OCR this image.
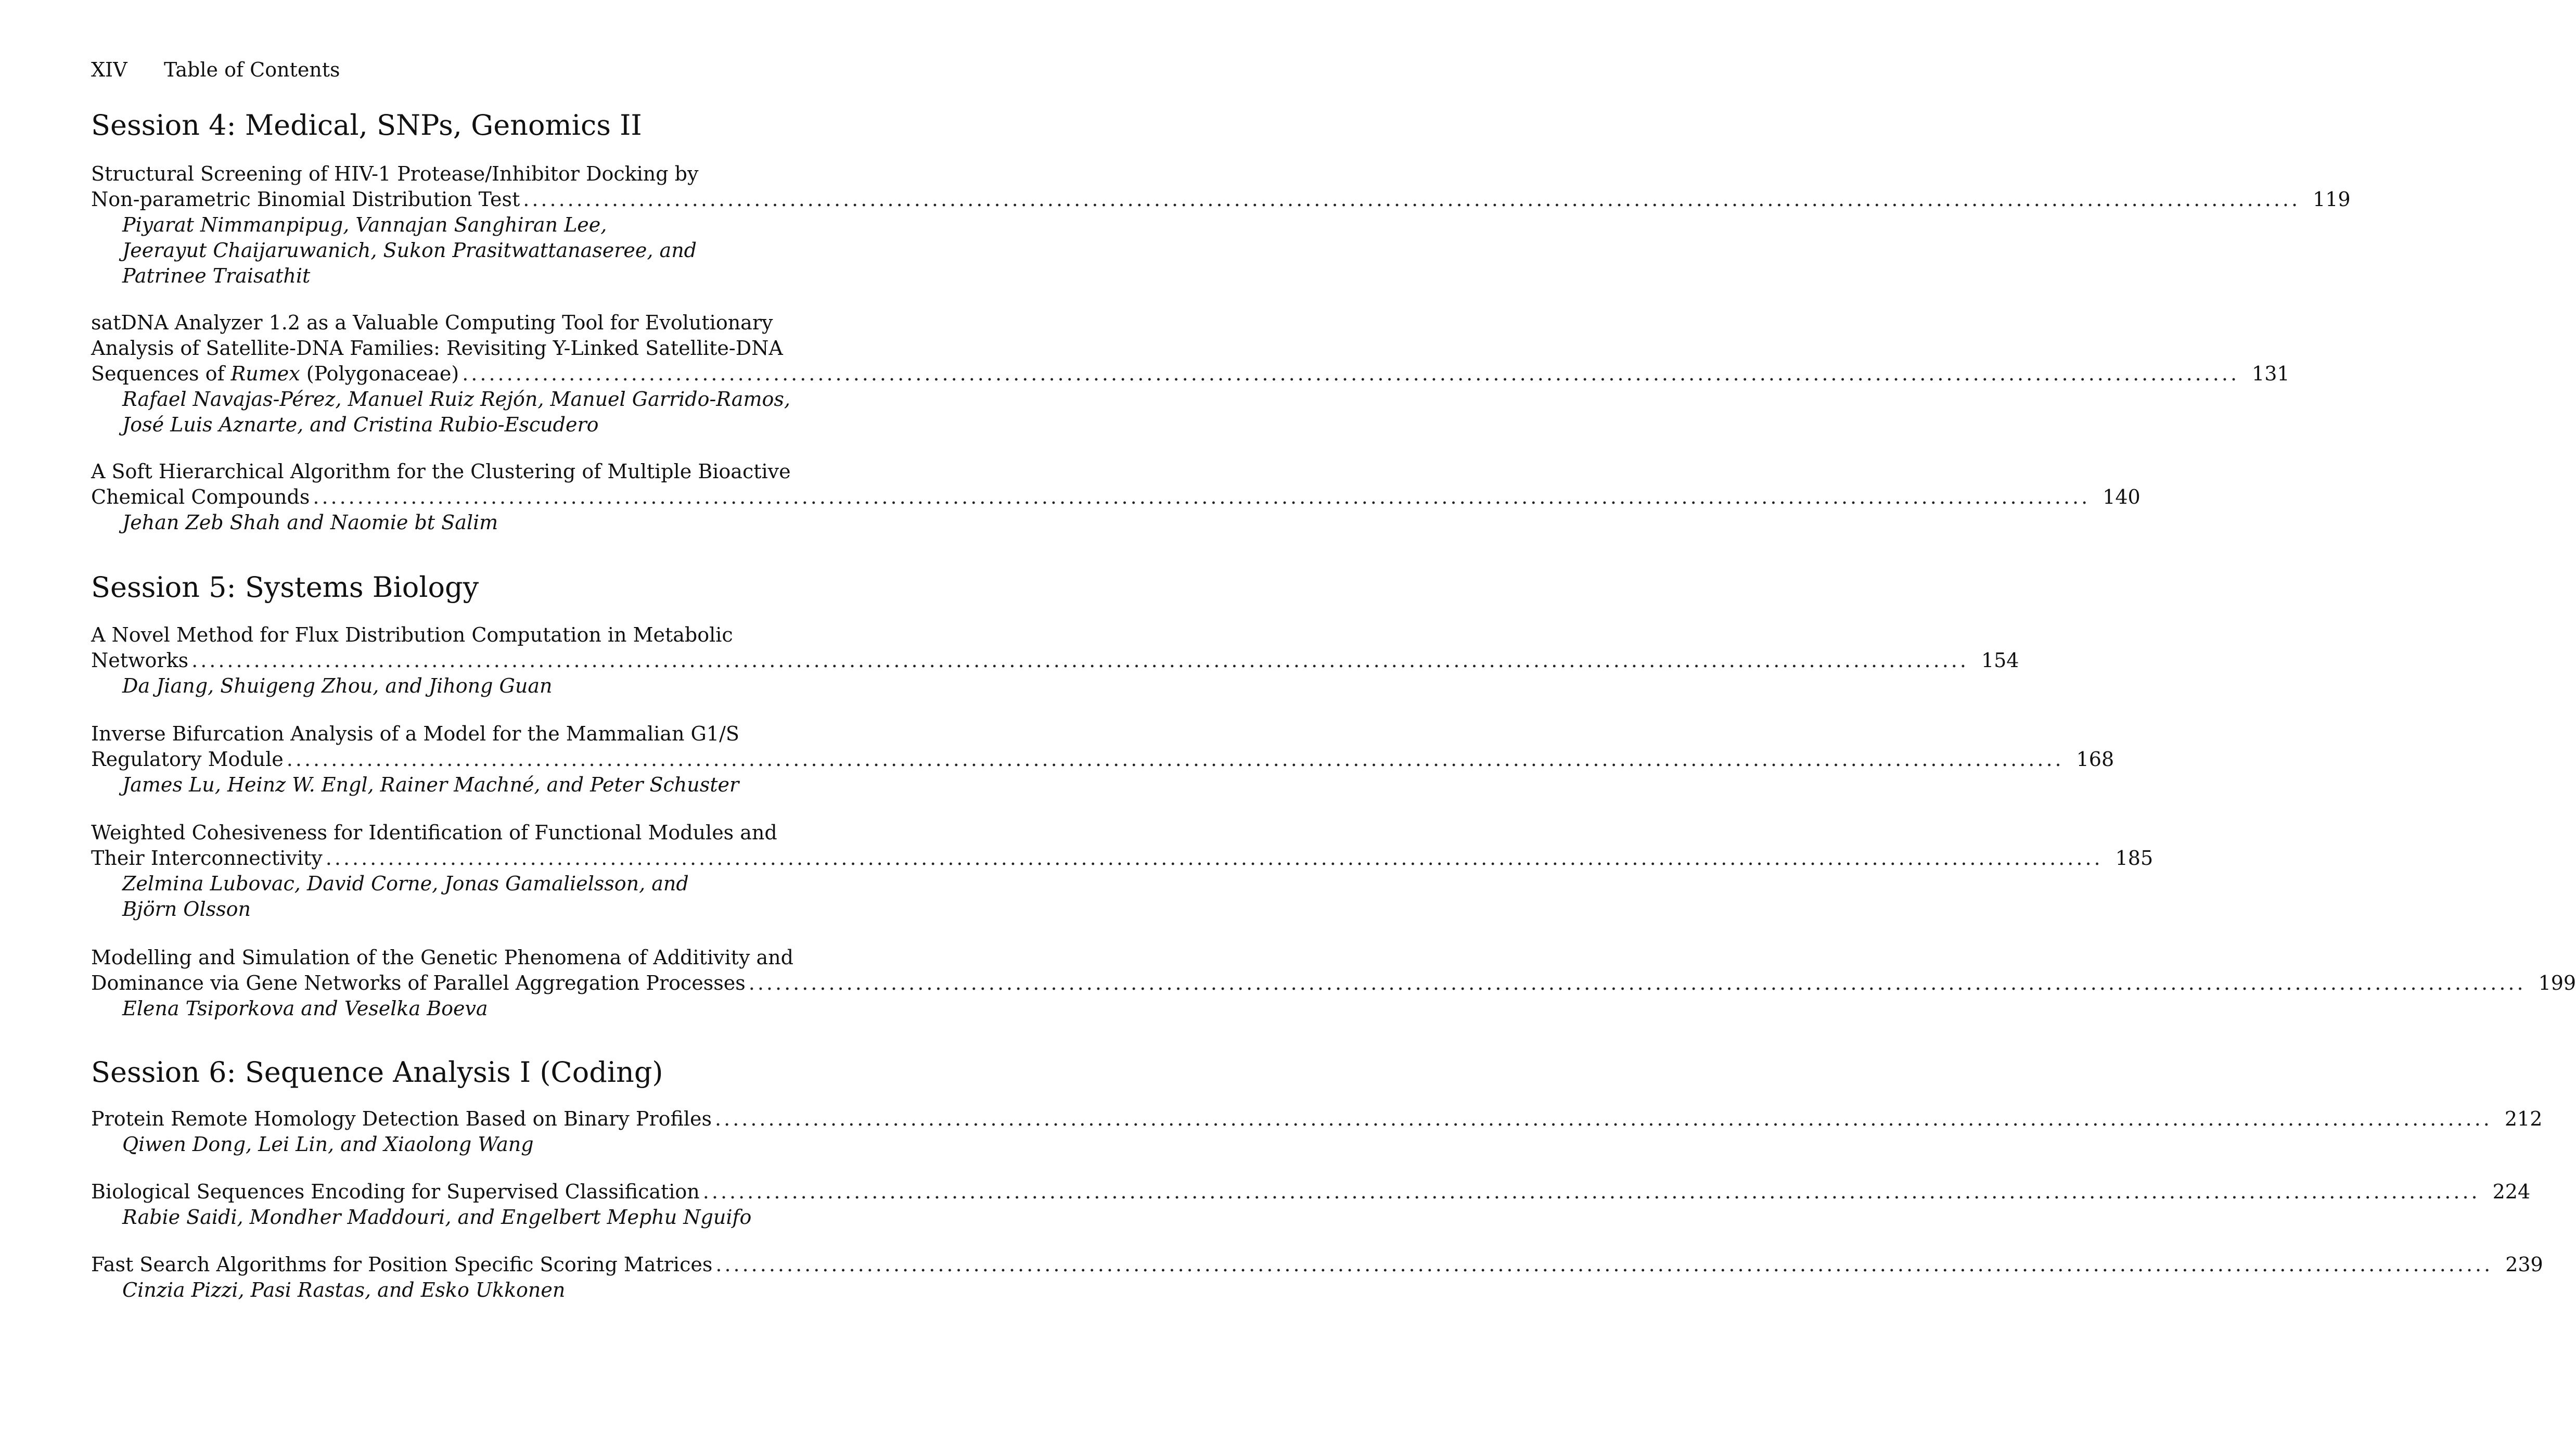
XIV Table of Contents
Session 4: Medical, SNPs, Genomics II
Structural Screening of HIV-1 Protease/Inhibitor Docking by
Non-parametric Binomial Distribution Test ........................................................................................................................................................................................................ 119
Piyarat Nimmanpipug, Vannajan Sanghiran Lee,
Jeerayut Chaijaruwanich, Sukon Prasitwattanaseree, and
Patrinee Traisathit
satDNA Analyzer 1.2 as a Valuable Computing Tool for Evolutionary
Analysis of Satellite-DNA Families: Revisiting Y-Linked Satellite-DNA
Sequences of Rumex (Polygonaceae) ........................................................................................................................................................................................................ 131
Rafael Navajas-Pérez, Manuel Ruiz Rejón, Manuel Garrido-Ramos,
José Luis Aznarte, and Cristina Rubio-Escudero
A Soft Hierarchical Algorithm for the Clustering of Multiple Bioactive
Chemical Compounds ........................................................................................................................................................................................................ 140
Jehan Zeb Shah and Naomie bt Salim
Session 5: Systems Biology
A Novel Method for Flux Distribution Computation in Metabolic
Networks ........................................................................................................................................................................................................ 154
Da Jiang, Shuigeng Zhou, and Jihong Guan
Inverse Bifurcation Analysis of a Model for the Mammalian G1/S
Regulatory Module ........................................................................................................................................................................................................ 168
James Lu, Heinz W. Engl, Rainer Machné, and Peter Schuster
Weighted Cohesiveness for Identification of Functional Modules and
Their Interconnectivity ........................................................................................................................................................................................................ 185
Zelmina Lubovac, David Corne, Jonas Gamalielsson, and
Björn Olsson
Modelling and Simulation of the Genetic Phenomena of Additivity and
Dominance via Gene Networks of Parallel Aggregation Processes ........................................................................................................................................................................................................ 199
Elena Tsiporkova and Veselka Boeva
Session 6: Sequence Analysis I (Coding)
Protein Remote Homology Detection Based on Binary Profiles ........................................................................................................................................................................................................ 212
Qiwen Dong, Lei Lin, and Xiaolong Wang
Biological Sequences Encoding for Supervised Classification ........................................................................................................................................................................................................ 224
Rabie Saidi, Mondher Maddouri, and Engelbert Mephu Nguifo
Fast Search Algorithms for Position Specific Scoring Matrices ........................................................................................................................................................................................................ 239
Cinzia Pizzi, Pasi Rastas, and Esko Ukkonen
